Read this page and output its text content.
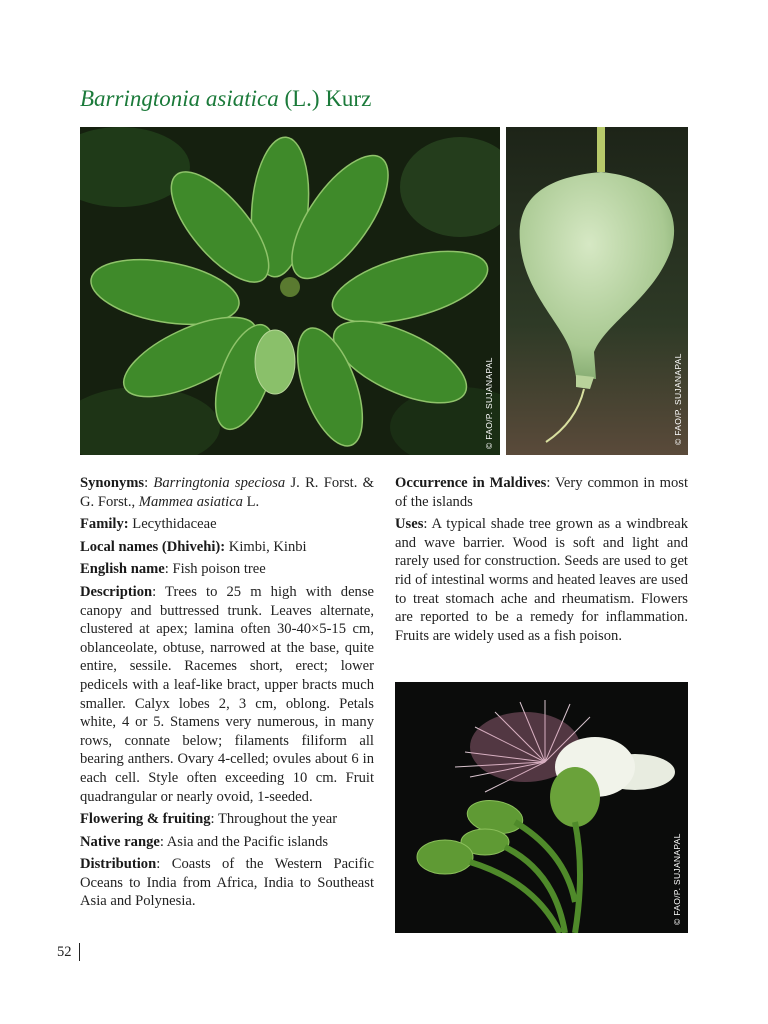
Barringtonia asiatica (L.) Kurz
© FAO/P. SUJANAPAL	© FAO/P. SUJANAPAL

Synonyms: Barringtonia speciosa J. R. Forst. & G. Forst., Mammea asiatica L.

Family: Lecythidaceae

Local names (Dhivehi): Kimbi, Kinbi

English name: Fish poison tree

Description: Trees to 25 m high with dense canopy and buttressed trunk. Leaves alternate, clustered at apex; lamina often 30-40×5-15 cm, oblanceolate, obtuse, narrowed at the base, quite entire, sessile. Racemes short, erect; lower pedicels with a leaf-like bract, upper bracts much smaller. Calyx lobes 2, 3 cm, oblong. Petals white, 4 or 5. Stamens very numerous, in many rows, connate below; filaments filiform all bearing anthers. Ovary 4-celled; ovules about 6 in each cell. Style often exceeding 10 cm. Fruit quadrangular or nearly ovoid, 1-seeded.

Flowering & fruiting: Throughout the year

Native range: Asia and the Pacific islands

Distribution: Coasts of the Western Pacific Oceans to India from Africa, India to Southeast Asia and Polynesia.

Occurrence in Maldives: Very common in most of the islands

Uses: A typical shade tree grown as a windbreak and wave barrier. Wood is soft and light and rarely used for construction. Seeds are used to get rid of intestinal worms and heated leaves are used to treat stomach ache and rheumatism. Flowers are reported to be a remedy for inflammation. Fruits are widely used as a fish poison.

© FAO/P. SUJANAPAL
52
